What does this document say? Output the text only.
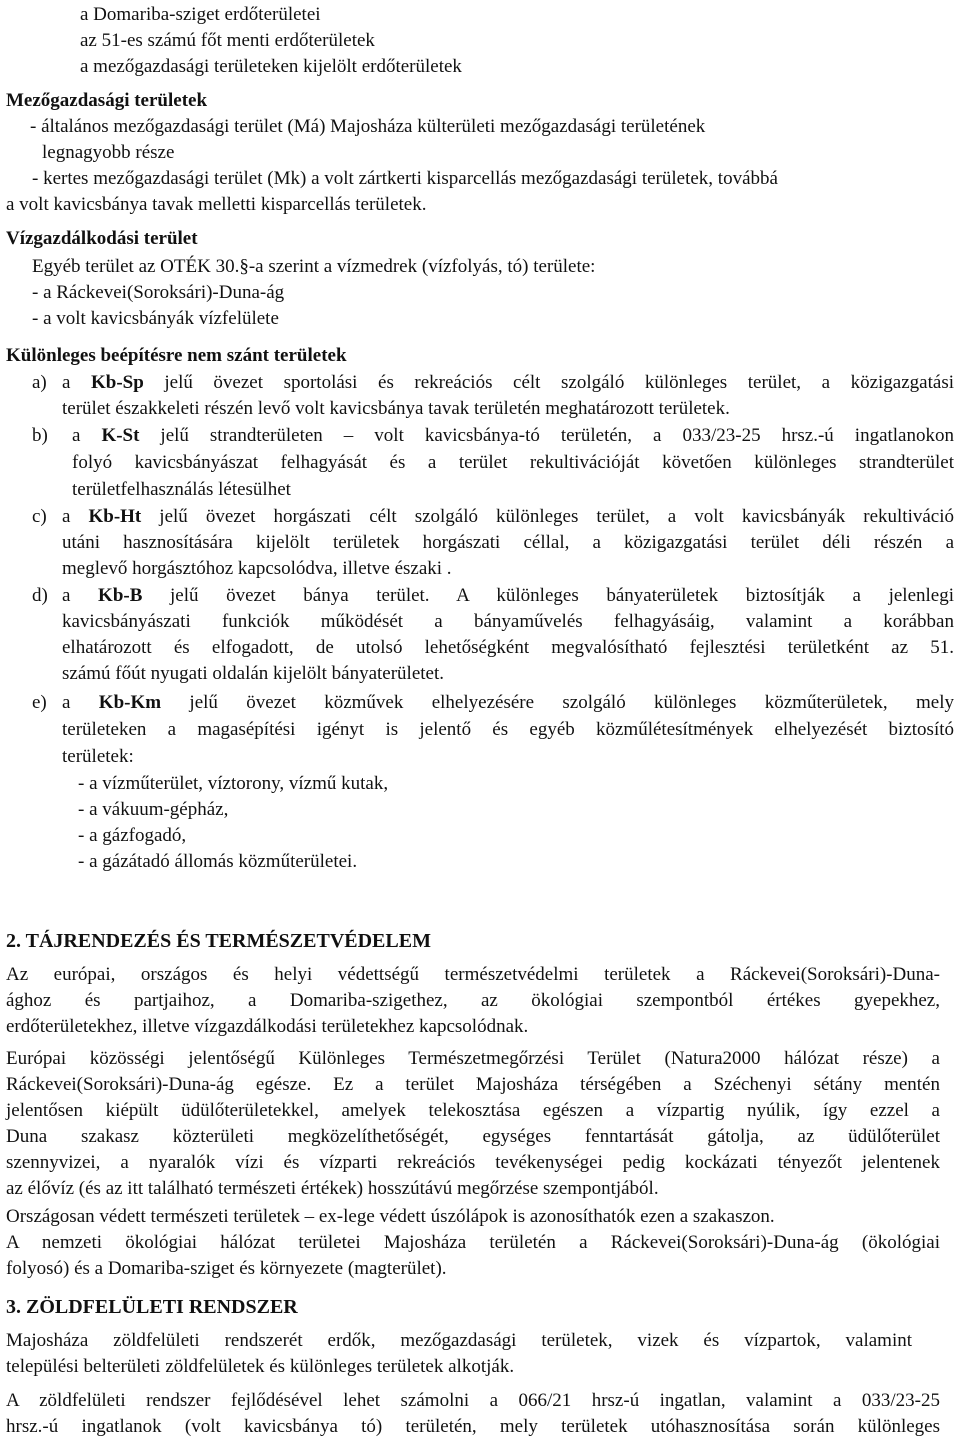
a Domariba-sziget erdőterületei
az 51-es számú főt menti erdőterületek
a mezőgazdasági területeken kijelölt erdőterületek
Mezőgazdasági területek
- általános mezőgazdasági terület (Má) Majosháza külterületi mezőgazdasági területének
legnagyobb része
- kertes mezőgazdasági terület (Mk) a volt zártkerti kisparcellás mezőgazdasági területek, továbbá
a volt kavicsbánya tavak melletti kisparcellás területek.
Vízgazdálkodási terület
Egyéb terület az OTÉK 30.§-a szerint a vízmedrek (vízfolyás, tó) területe:
- a Ráckevei(Soroksári)-Duna-ág
- a volt kavicsbányák vízfelülete
Különleges beépítésre nem szánt területek
a) a Kb-Sp jelű övezet sportolási és rekreációs célt szolgáló különleges terület, a közigazgatási
terület északkeleti részén levő volt kavicsbánya tavak területén meghatározott területek.
b) a K-St jelű strandterületen – volt kavicsbánya-tó területén, a 033/23-25 hrsz.-ú ingatlanokon
folyó kavicsbányászat felhagyását és a terület rekultivációját követően különleges strandterület
területfelhasználás létesülhet
c) a Kb-Ht jelű övezet horgászati célt szolgáló különleges terület, a volt kavicsbányák rekultiváció
utáni hasznosítására kijelölt területek horgászati céllal, a közigazgatási terület déli részén a
meglevő horgásztóhoz kapcsolódva, illetve északi .
d) a Kb-B jelű övezet bánya terület. A különleges bányaterületek biztosítják a jelenlegi
kavicsbányászati funkciók működését a bányaművelés felhagyásáig, valamint a korábban
elhatározott és elfogadott, de utolsó lehetőségként megvalósítható fejlesztési területként az 51.
számú főút nyugati oldalán kijelölt bányaterületet.
e) a Kb-Km jelű övezet közművek elhelyezésére szolgáló különleges közműterületek, mely
területeken a magasépítési igényt is jelentő és egyéb közműlétesítmények elhelyezését biztosító
területek:
- a vízműterület, víztorony, vízmű kutak,
- a vákuum-gépház,
- a gázfogadó,
- a gázátadó állomás közműterületei.
2. TÁJRENDEZÉS ÉS TERMÉSZETVÉDELEM
Az európai, országos és helyi védettségű természetvédelmi területek a Ráckevei(Soroksári)-Duna-
ághoz és partjaihoz, a Domariba-szigethez, az ökológiai szempontból értékes gyepekhez,
erdőterületekhez, illetve vízgazdálkodási területekhez kapcsolódnak.
Európai közösségi jelentőségű Különleges Természetmegőrzési Terület (Natura2000 hálózat része) a
Ráckevei(Soroksári)-Duna-ág egésze. Ez a terület Majosháza térségében a Széchenyi sétány mentén
jelentősen kiépült üdülőterületekkel, amelyek telekosztása egészen a vízpartig nyúlik, így ezzel a
Duna szakasz közterületi megközelíthetőségét, egységes fenntartását gátolja, az üdülőterület
szennyvizei, a nyaralók vízi és vízparti rekreációs tevékenységei pedig kockázati tényezőt jelentenek
az élővíz (és az itt található természeti értékek) hosszútávú megőrzése szempontjából.
Országosan védett természeti területek – ex-lege védett úszólápok is azonosíthatók ezen a szakaszon.
A nemzeti ökológiai hálózat területei Majosháza területén a Ráckevei(Soroksári)-Duna-ág (ökológiai
folyosó) és a Domariba-sziget és környezete (magterület).
3. ZÖLDFELÜLETI RENDSZER
Majosháza zöldfelületi rendszerét erdők, mezőgazdasági területek, vizek és vízpartok, valamint
települési belterületi zöldfelületek és különleges területek alkotják.
A zöldfelületi rendszer fejlődésével lehet számolni a 066/21 hrsz-ú ingatlan, valamint a 033/23-25
hrsz.-ú ingatlanok (volt kavicsbánya tó) területén, mely területek utóhasznosítása során különleges
